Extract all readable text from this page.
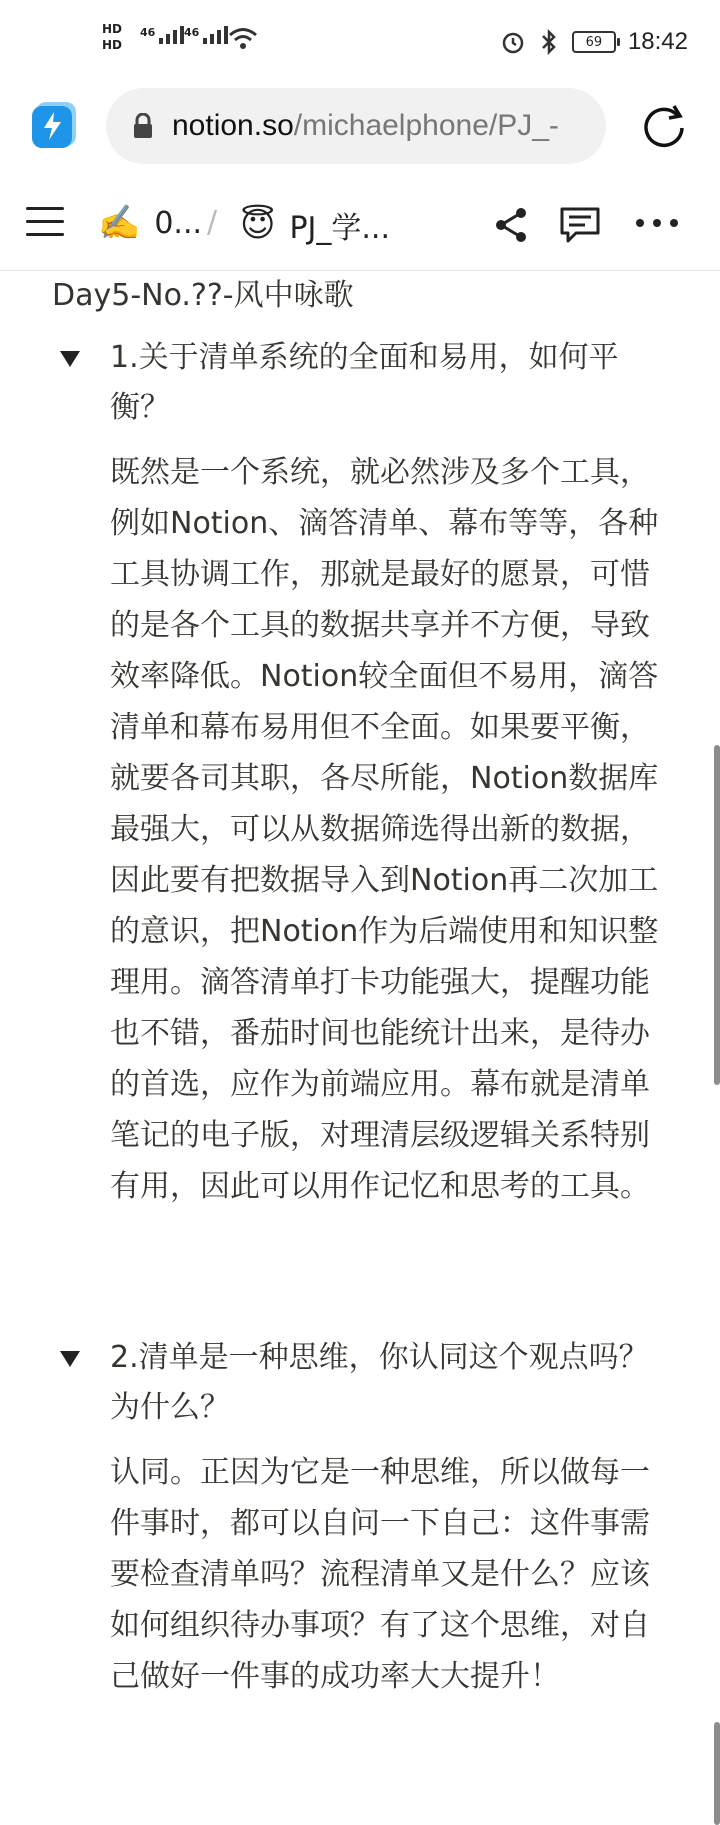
HD
HD
46	46
69 18:42
notion.so/michaelphone/PJ_-
✍️ 0... / 😇 PJ_学...
Day5-No.??-风中咏歌
1.关于清单系统的全面和易用，如何平衡？
既然是一个系统，就必然涉及多个工具，例如Notion、滴答清单、幕布等等，各种工具协调工作，那就是最好的愿景，可惜的是各个工具的数据共享并不方便，导致效率降低。Notion较全面但不易用，滴答清单和幕布易用但不全面。如果要平衡，就要各司其职，各尽所能，Notion数据库最强大，可以从数据筛选得出新的数据，因此要有把数据导入到Notion再二次加工的意识，把Notion作为后端使用和知识整理用。滴答清单打卡功能强大，提醒功能也不错，番茄时间也能统计出来，是待办的首选，应作为前端应用。幕布就是清单笔记的电子版，对理清层级逻辑关系特别有用，因此可以用作记忆和思考的工具。
2.清单是一种思维，你认同这个观点吗？为什么？
认同。正因为它是一种思维，所以做每一件事时，都可以自问一下自己：这件事需要检查清单吗？流程清单又是什么？应该如何组织待办事项？有了这个思维，对自己做好一件事的成功率大大提升！
